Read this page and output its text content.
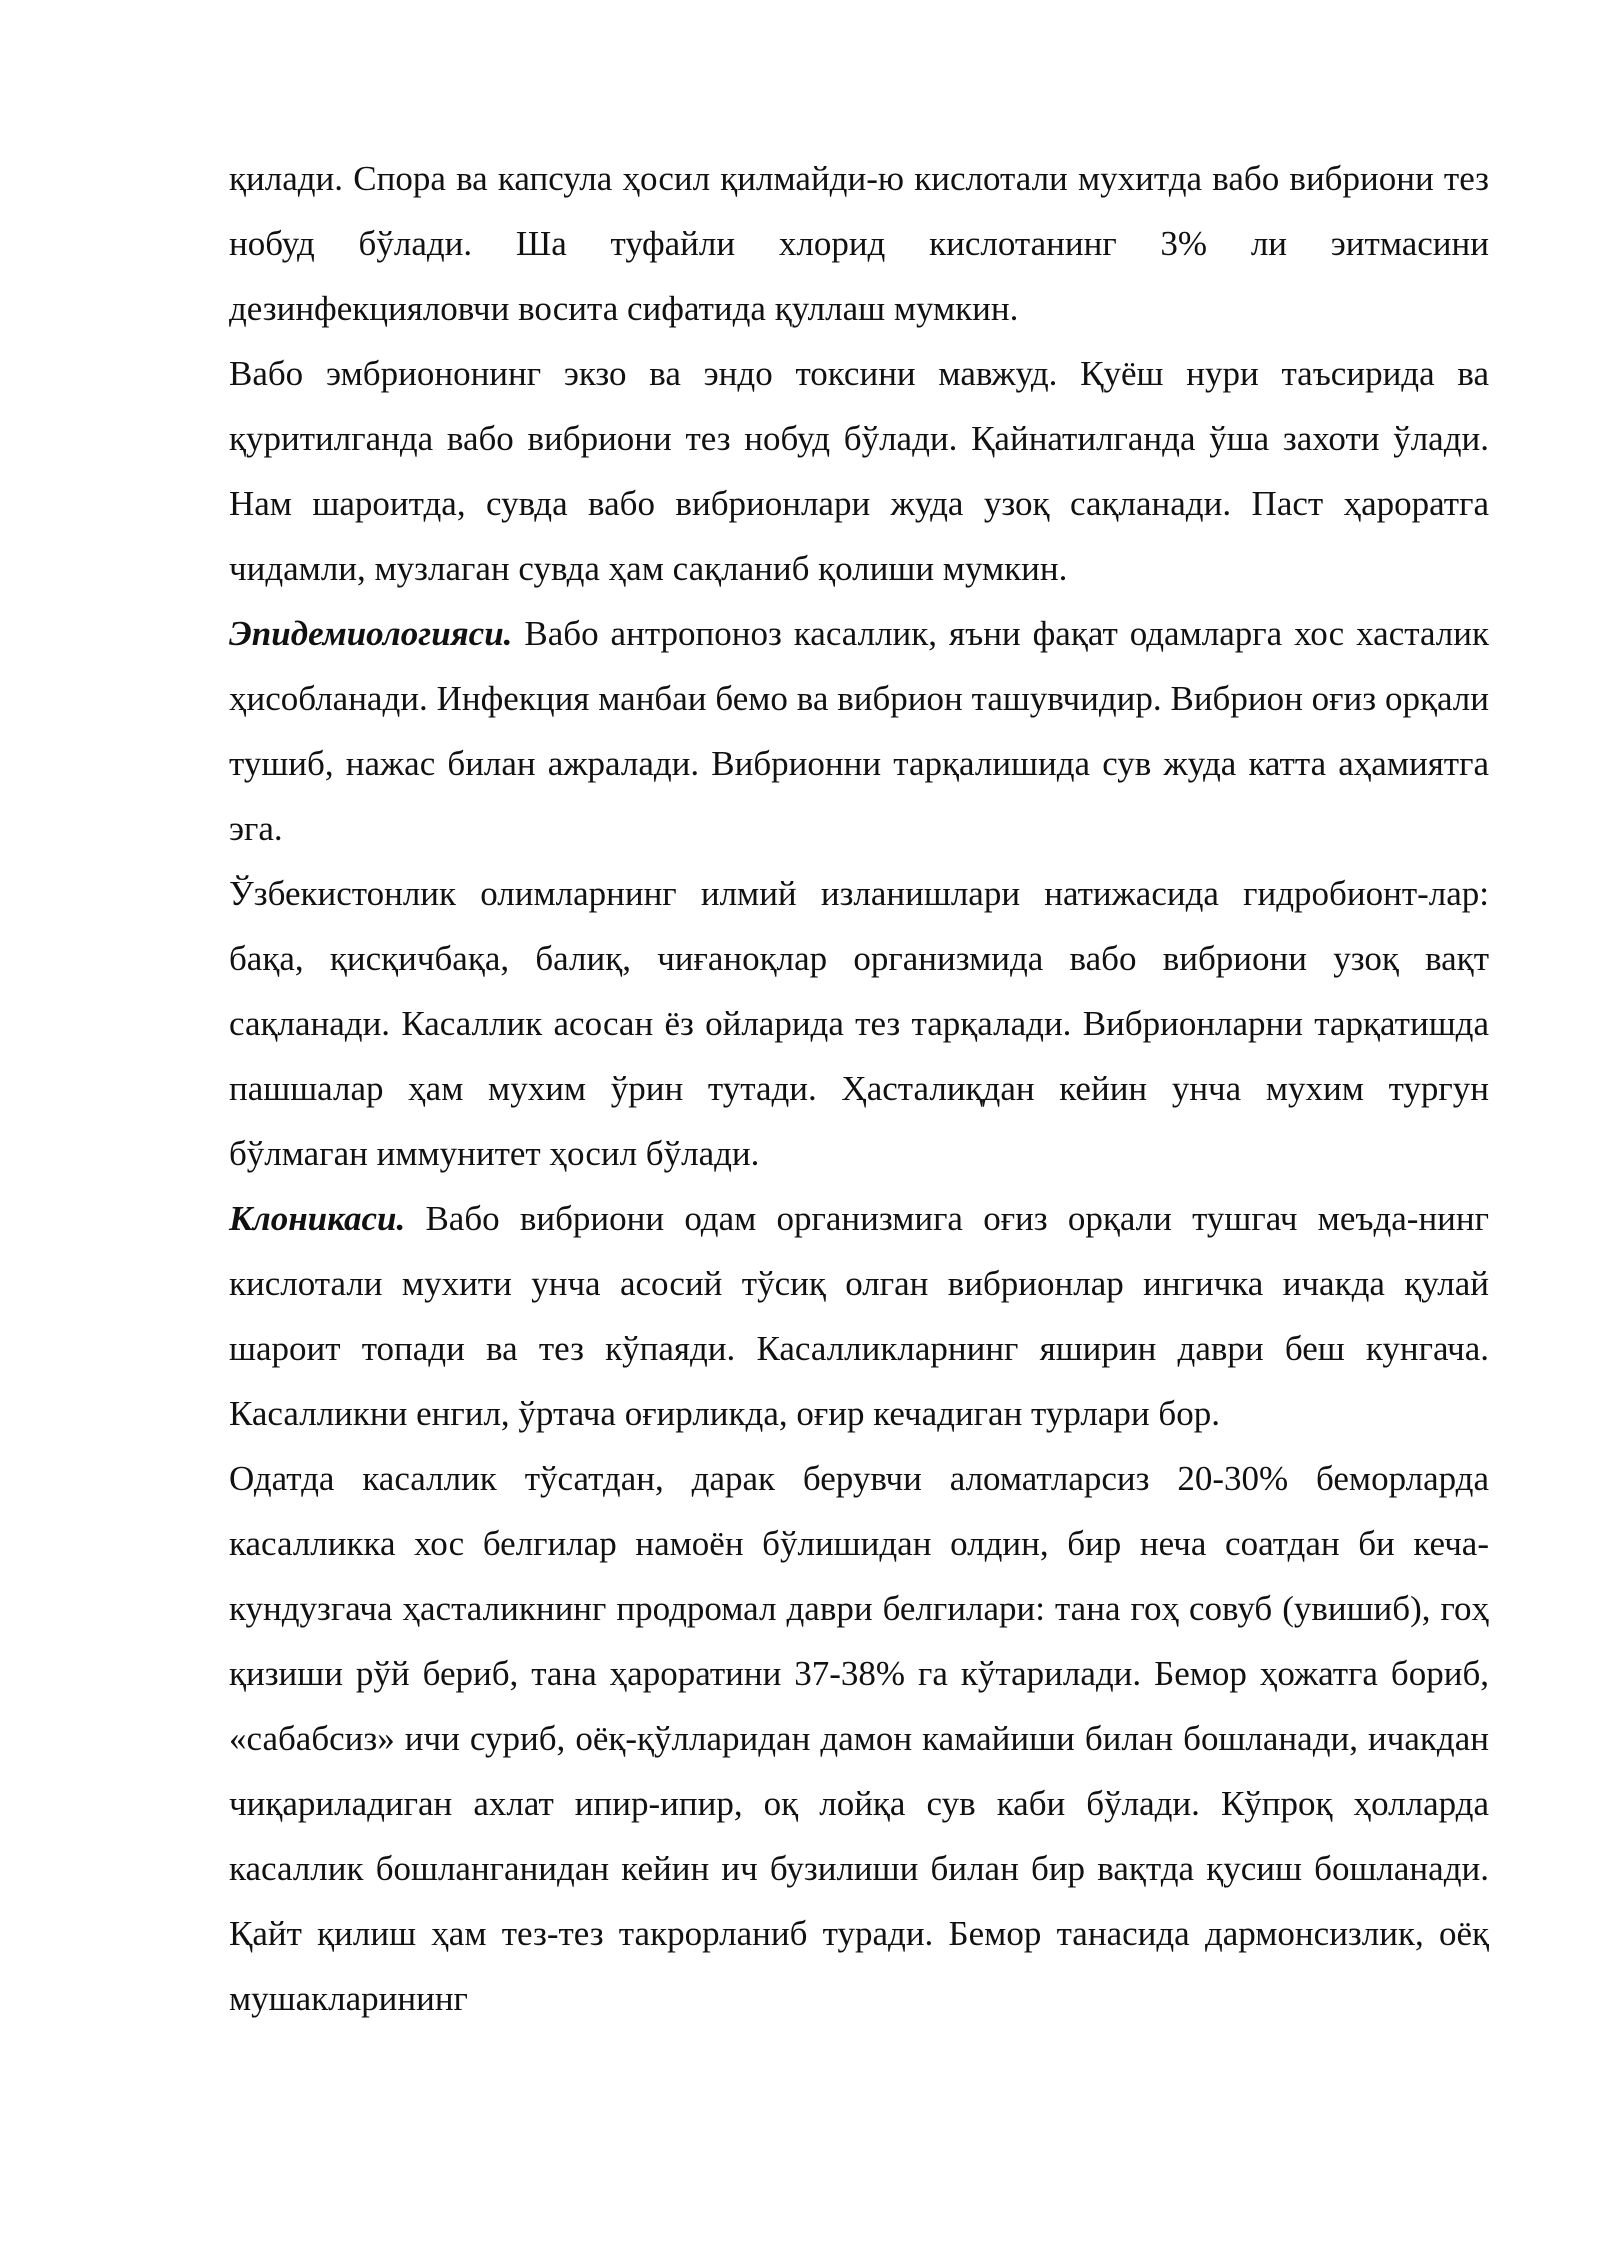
қилади. Спора ва капсула ҳосил қилмайди-ю кислотали мухитда вабо вибриони тез нобуд бўлади. Ша туфайли хлорид кислотанинг 3% ли эитмасини дезинфекцияловчи восита сифатида қуллаш мумкин.

Вабо эмбриононинг экзо ва эндо токсини мавжуд. Қуёш нури таъсирида ва қуритилганда вабо вибриони тез нобуд бўлади. Қайнатилганда ўша захоти ўлади. Нам шароитда, сувда вабо вибрионлари жуда узоқ сақланади. Паст ҳароратга чидамли, музлаган сувда ҳам сақланиб қолиши мумкин.

Эпидемиологияси. Вабо антропоноз касаллик, яъни фақат одамларга хос хасталик ҳисобланади. Инфекция манбаи бемо ва вибрион ташувчидир. Вибрион оғиз орқали тушиб, нажас билан ажралади. Вибрионни тарқалишида сув жуда катта аҳамиятга эга.

Ўзбекистонлик олимларнинг илмий изланишлари натижасида гидробионт-лар: бақа, қисқичбақа, балиқ, чиғаноқлар организмида вабо вибриони узоқ вақт сақланади. Касаллик асосан ёз ойларида тез тарқалади. Вибрионларни тарқатишда пашшалар ҳам мухим ўрин тутади. Ҳасталиқдан кейин унча мухим тургун бўлмаган иммунитет ҳосил бўлади.

Клоникаси. Вабо вибриони одам организмига оғиз орқали тушгач меъда-нинг кислотали мухити унча асосий тўсиқ олган вибрионлар ингичка ичакда қулай шароит топади ва тез кўпаяди. Касалликларнинг яширин даври беш кунгача. Касалликни енгил, ўртача оғирликда, оғир кечадиган турлари бор.

Одатда касаллик тўсатдан, дарак берувчи аломатларсиз 20-30% беморларда касалликка хос белгилар намоён бўлишидан олдин, бир неча соатдан би кеча-кундузгача ҳасталикнинг продромал даври белгилари: тана гоҳ совуб (увишиб), гоҳ қизиши рўй бериб, тана ҳароратини 37-38% га кўтарилади. Бемор ҳожатга бориб, «сабабсиз» ичи суриб, оёқ-қўлларидан дамон камайиши билан бошланади, ичакдан чиқариладиган ахлат ипир-ипир, оқ лойқа сув каби бўлади. Кўпроқ ҳолларда касаллик бошланганидан кейин ич бузилиши билан бир вақтда қусиш бошланади. Қайт қилиш ҳам тез-тез такрорланиб туради. Бемор танасида дармонсизлик, оёқ мушакларининг
